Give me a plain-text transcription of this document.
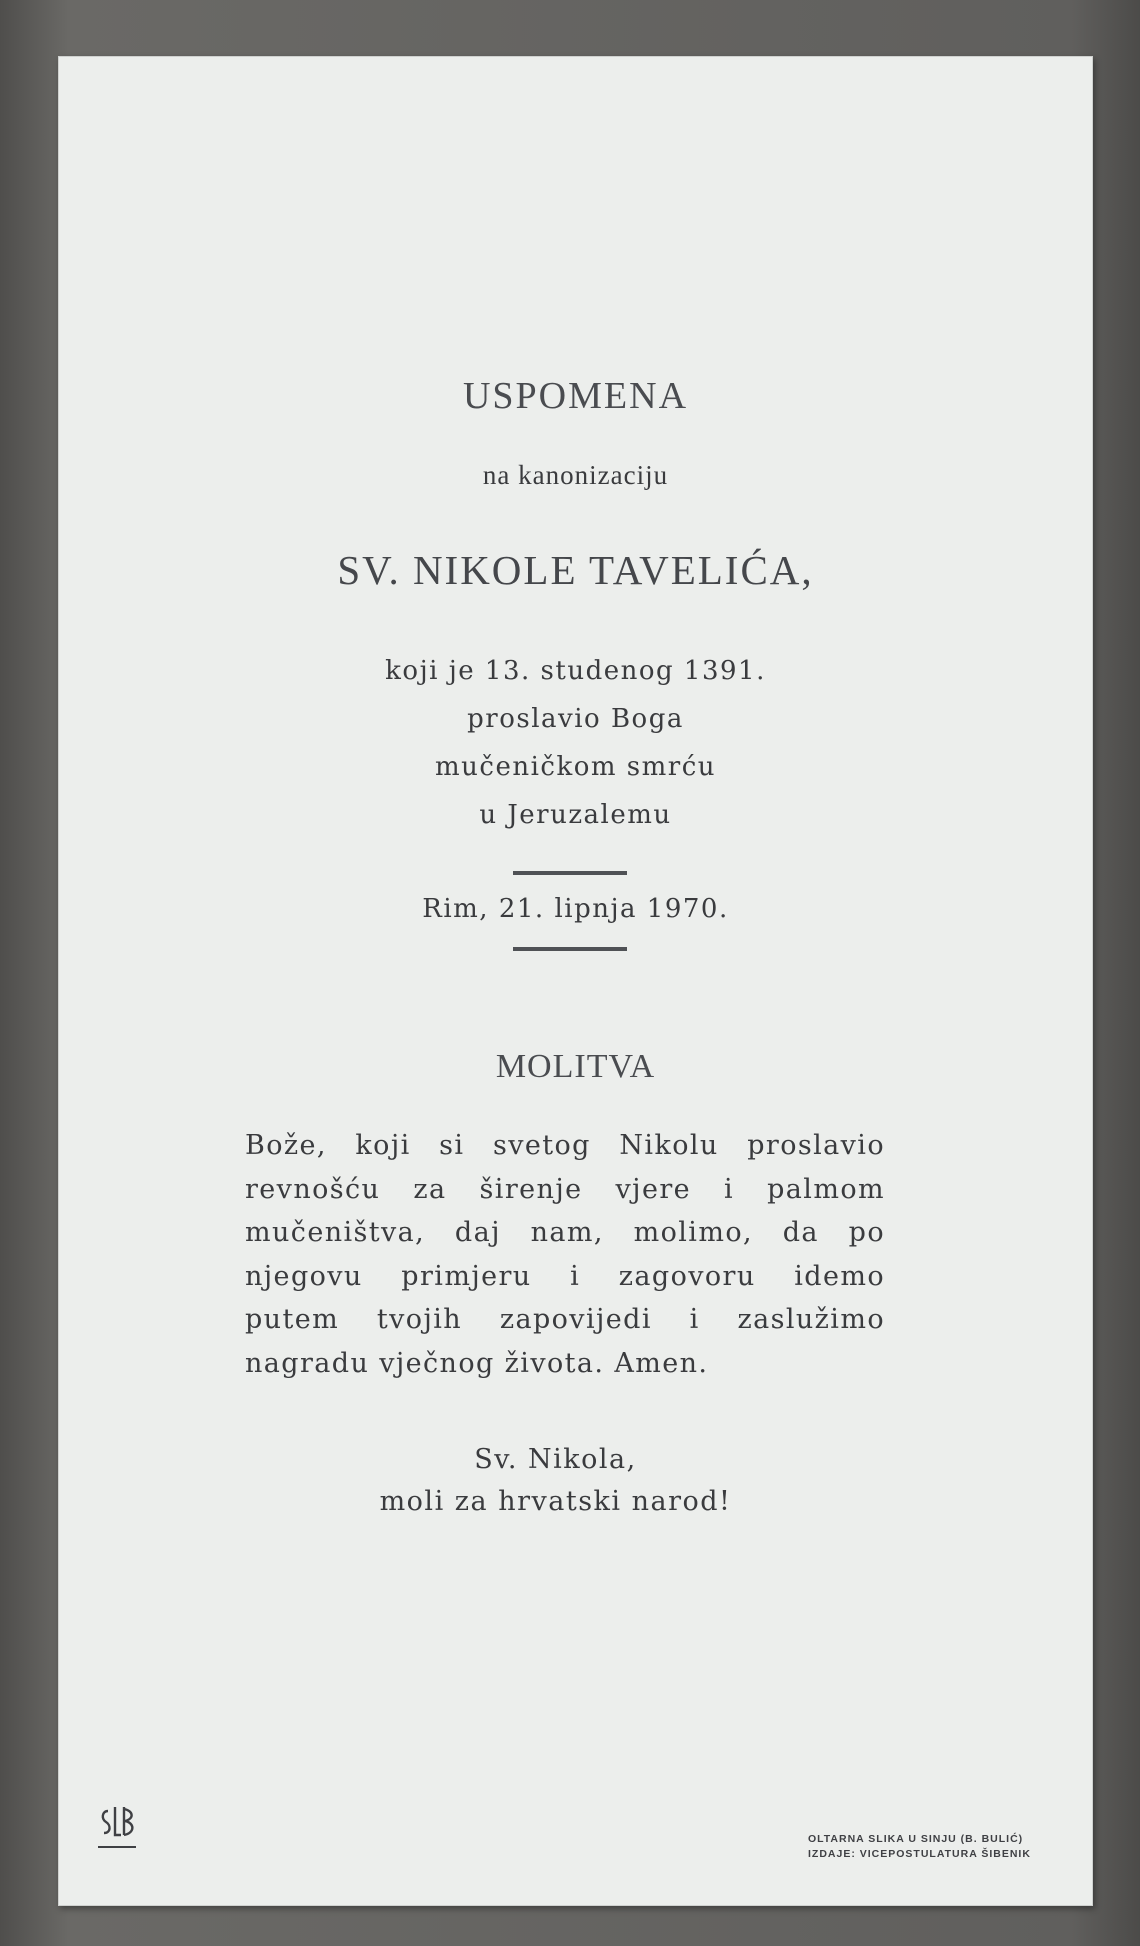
USPOMENA
na kanonizaciju
SV. NIKOLE TAVELIĆA,
koji je 13. studenog 1391.
proslavio Boga
mučeničkom smrću
u Jeruzalemu
Rim, 21. lipnja 1970.
MOLITVA
Bože, koji si svetog Nikolu proslavio
revnošću za širenje vjere i palmom
mučeništva, daj nam, molimo, da po
njegovu primjeru i zagovoru idemo
putem tvojih zapovijedi i zaslužimo
nagradu vječnog života. Amen.
Sv. Nikola,
moli za hrvatski narod!
OLTARNA SLIKA U SINJU (B. BULIĆ)
IZDAJE: VICEPOSTULATURA ŠIBENIK
